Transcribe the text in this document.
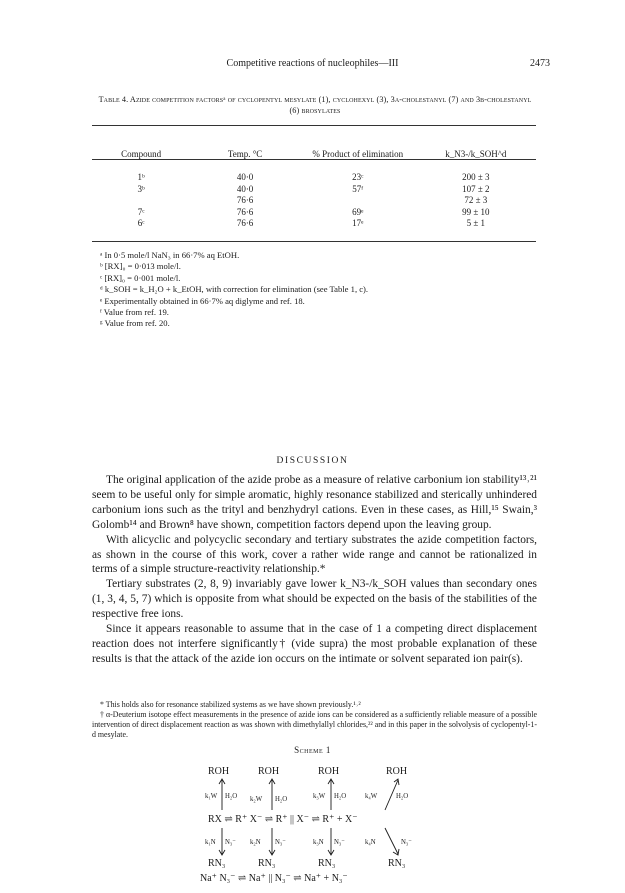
Competitive reactions of nucleophiles—III	2473
Table 4. Azide competition factorsᵃ of cyclopentyl mesylate (1), cyclohexyl (3), 3α-cholestanyl (7) and 3β-cholestanyl (6) brosylates
Compound	Temp. °C	% Product of elimination	k_N3-/k_SOH^d
1ᵇ	40·0	23ᶜ	200 ± 3
3ᵇ	40·0	57ᶠ	107 ± 2
	76·6		72 ± 3
7ᶜ	76·6	69ᵉ	99 ± 10
6ᶜ	76·6	17ᵉ	5 ± 1
ᵃ In 0·5 mole/l NaN₃ in 66·7% aq EtOH.
ᵇ [RX]₀ = 0·013 mole/l.
ᶜ [RX]₀ = 0·001 mole/l.
ᵈ k_SOH = k_H₂O + k_EtOH, with correction for elimination (see Table 1, c).
ᵉ Experimentally obtained in 66·7% aq diglyme and ref. 18.
ᶠ Value from ref. 19.
ᵍ Value from ref. 20.
DISCUSSION

The original application of the azide probe as a measure of relative carbonium ion stability¹³˒²¹ seem to be useful only for simple aromatic, highly resonance stabilized and sterically unhindered carbonium ions such as the trityl and benzhydryl cations. Even in these cases, as Hill,¹⁵ Swain,³ Golomb¹⁴ and Brown⁸ have shown, competition factors depend upon the leaving group.

With alicyclic and polycyclic secondary and tertiary substrates the azide competition factors, as shown in the course of this work, cover a rather wide range and cannot be rationalized in terms of a simple structure-reactivity relationship.*

Tertiary substrates (2, 8, 9) invariably gave lower k_N3-/k_SOH values than secondary ones (1, 3, 4, 5, 7) which is opposite from what should be expected on the basis of the stabilities of the respective free ions.

Since it appears reasonable to assume that in the case of 1 a competing direct displacement reaction does not interfere significantly† (vide supra) the most probable explanation of these results is that the attack of the azide ion occurs on the intimate or solvent separated ion pair(s).

* This holds also for resonance stabilized systems as we have shown previously.¹˒²

† α-Deuterium isotope effect measurements in the presence of azide ions can be considered as a sufficiently reliable measure of a possible intervention of direct displacement reaction as was shown with dimethylallyl chlorides,²² and in this paper in the solvolysis of cyclopentyl-1-d mesylate.

Scheme 1
ROH	ROH	ROH	ROH
k₁W H₂O k₂W H₂O	k₃W H₂O	k₄W	H₂O
RX ⇌ R⁺ X⁻ ⇌ R⁺ || X⁻ ⇌ R⁺ + X⁻
k₁N N₃⁻ k₂N N₃⁻	k₃N N₃⁻	k₄N	N₃⁻
RN₃	RN₃	RN₃	RN₃
Na⁺ N₃⁻ ⇌ Na⁺ || N₃⁻ ⇌ Na⁺ + N₃⁻
